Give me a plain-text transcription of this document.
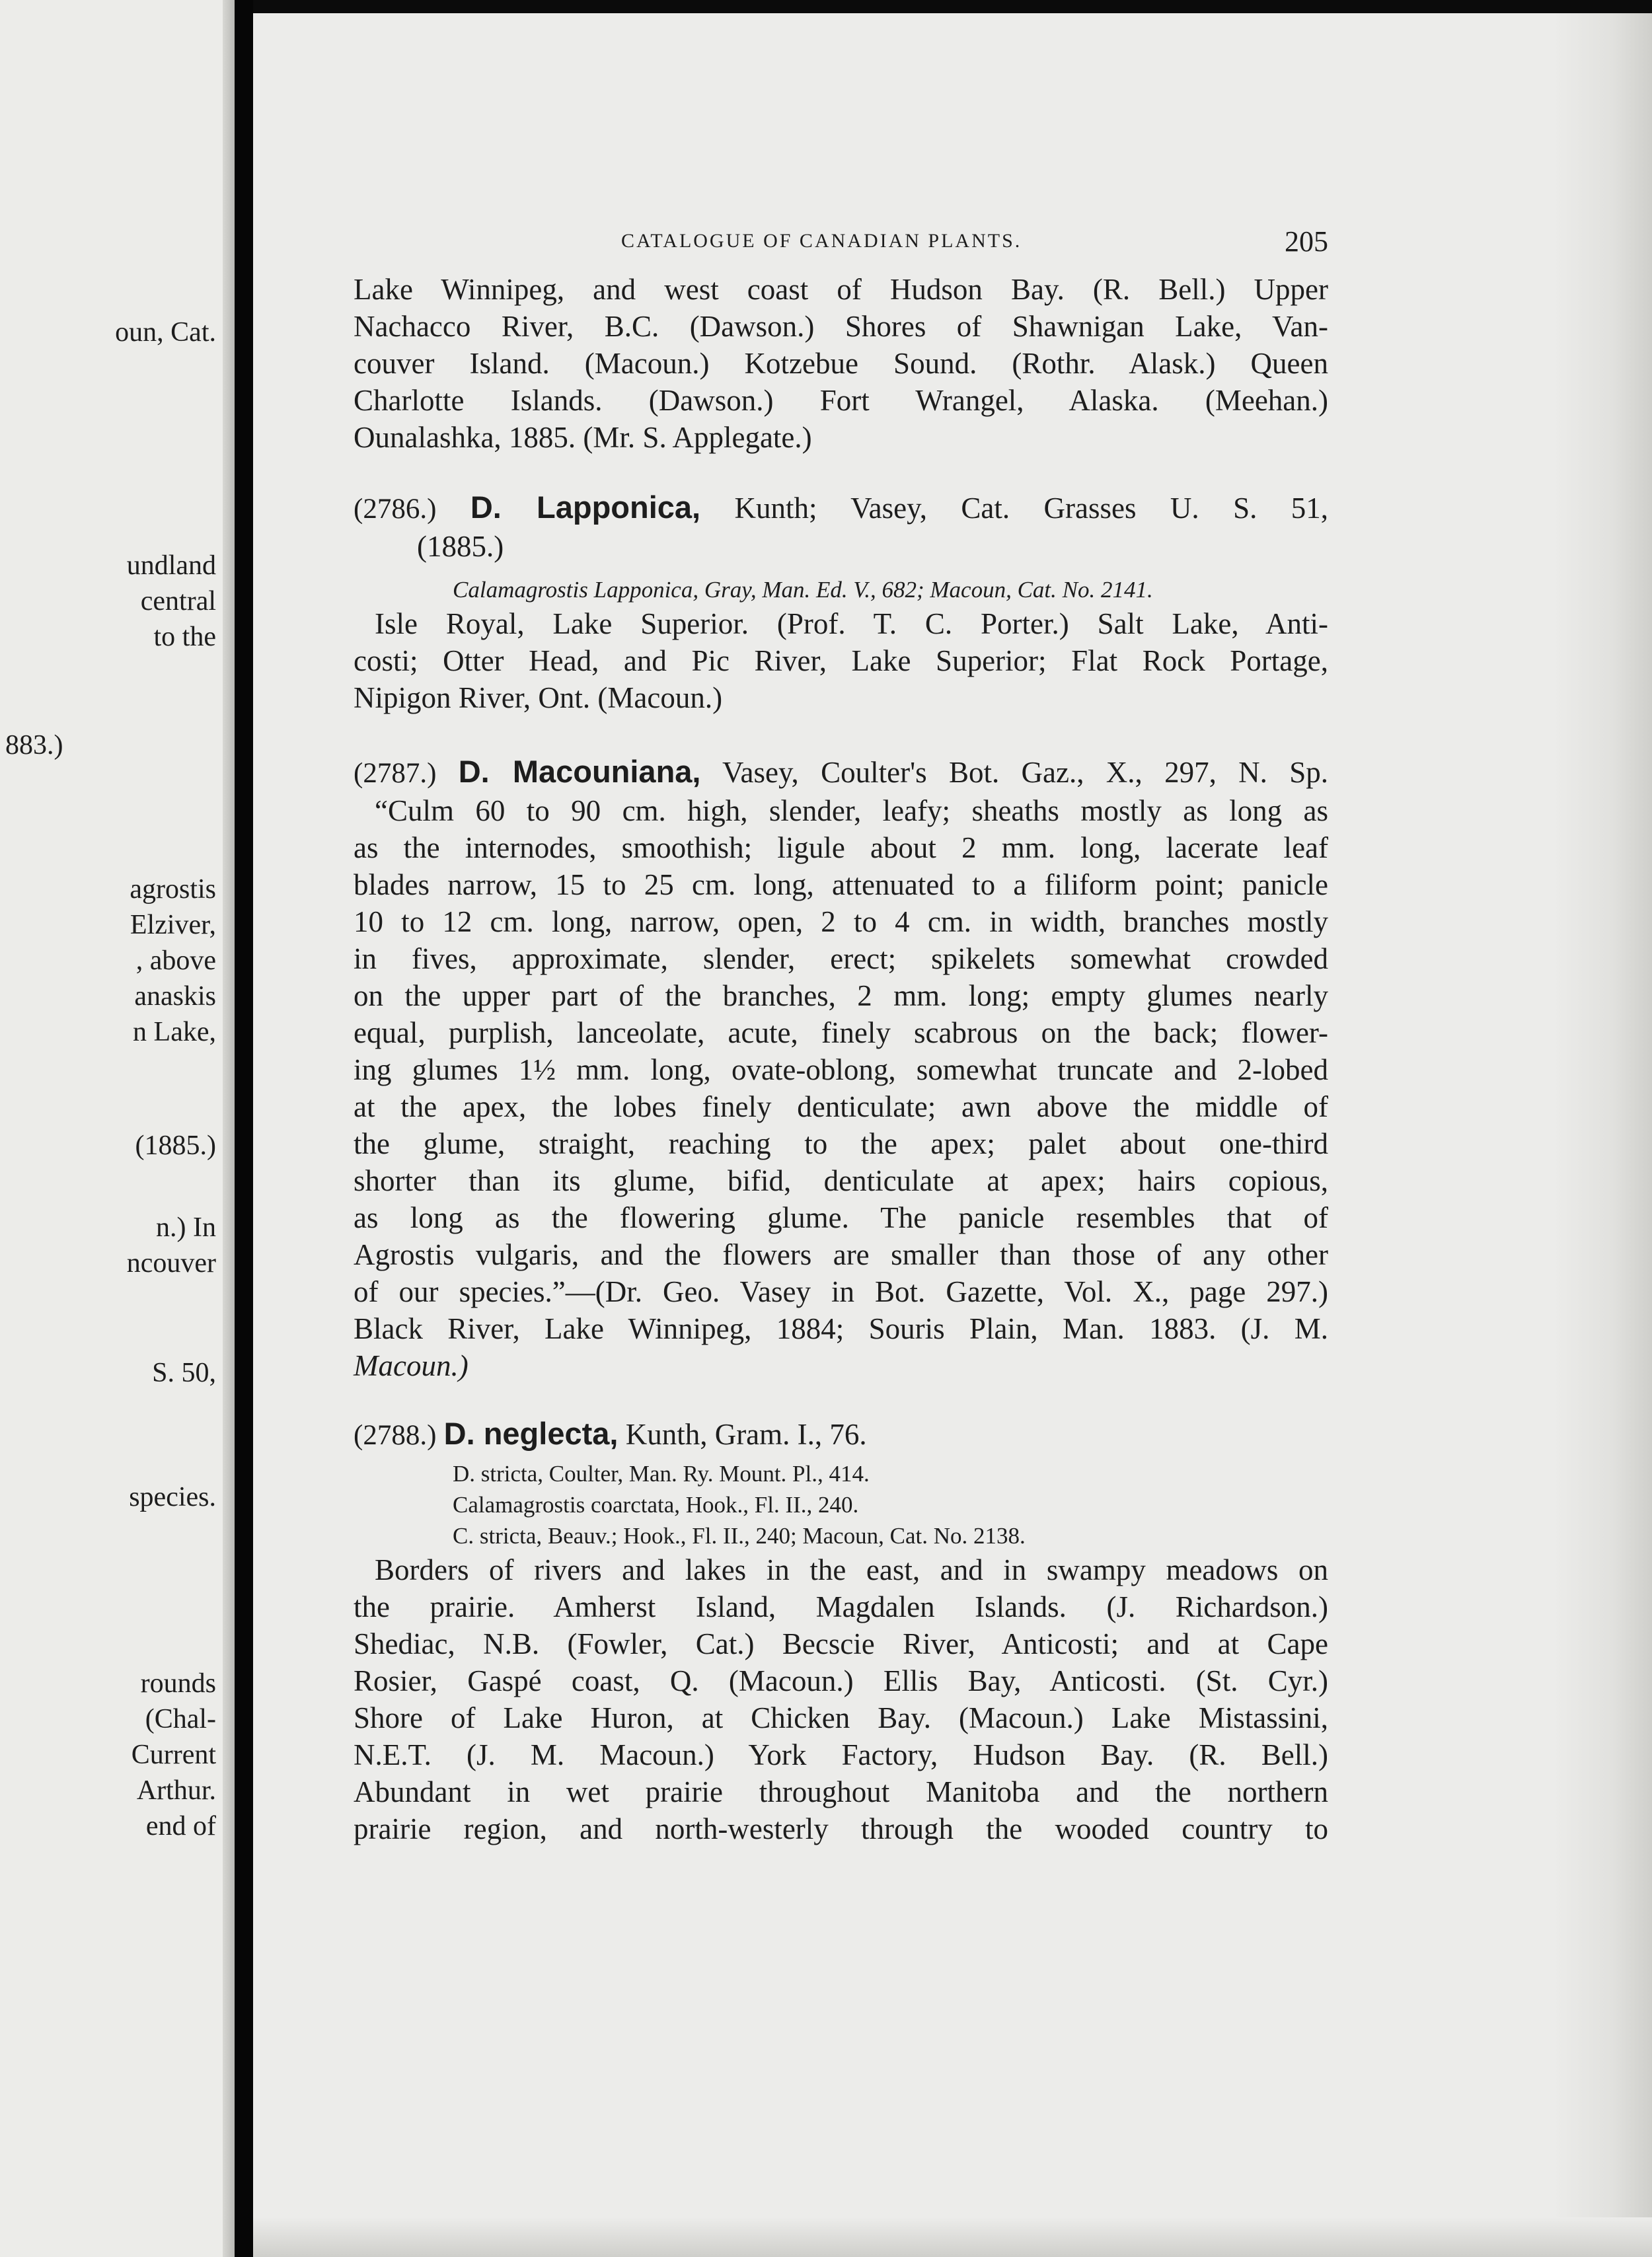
oun, Cat.

undland

central

to the

883.)

agrostis

Elziver,

, above

anaskis

n Lake,

(1885.)

n.) In

ncouver

S. 50,

species.

rounds

(Chal-

Current

Arthur.

end of

CATALOGUE OF CANADIAN PLANTS.	205
Lake Winnipeg, and west coast of Hudson Bay. (R. Bell.) Upper
Nachacco River, B.C. (Dawson.) Shores of Shawnigan Lake, Van-
couver Island. (Macoun.) Kotzebue Sound. (Rothr. Alask.) Queen
Charlotte Islands. (Dawson.) Fort Wrangel, Alaska. (Meehan.)
Ounalashka, 1885. (Mr. S. Applegate.)
(2786.) D. Lapponica, Kunth; Vasey, Cat. Grasses U. S. 51,
(1885.)
Calamagrostis Lapponica, Gray, Man. Ed. V., 682; Macoun, Cat. No. 2141.
Isle Royal, Lake Superior. (Prof. T. C. Porter.) Salt Lake, Anti-
costi; Otter Head, and Pic River, Lake Superior; Flat Rock Portage,
Nipigon River, Ont. (Macoun.)
(2787.) D. Macouniana, Vasey, Coulter's Bot. Gaz., X., 297, N. Sp.
“Culm 60 to 90 cm. high, slender, leafy; sheaths mostly as long as
as the internodes, smoothish; ligule about 2 mm. long, lacerate leaf
blades narrow, 15 to 25 cm. long, attenuated to a filiform point; panicle
10 to 12 cm. long, narrow, open, 2 to 4 cm. in width, branches mostly
in fives, approximate, slender, erect; spikelets somewhat crowded
on the upper part of the branches, 2 mm. long; empty glumes nearly
equal, purplish, lanceolate, acute, finely scabrous on the back; flower-
ing glumes 1½ mm. long, ovate-oblong, somewhat truncate and 2-lobed
at the apex, the lobes finely denticulate; awn above the middle of
the glume, straight, reaching to the apex; palet about one-third
shorter than its glume, bifid, denticulate at apex; hairs copious,
as long as the flowering glume. The panicle resembles that of
Agrostis vulgaris, and the flowers are smaller than those of any other
of our species.”—(Dr. Geo. Vasey in Bot. Gazette, Vol. X., page 297.)
Black River, Lake Winnipeg, 1884; Souris Plain, Man. 1883. (J. M.
Macoun.)
(2788.) D. neglecta, Kunth, Gram. I., 76.
D. stricta, Coulter, Man. Ry. Mount. Pl., 414.
Calamagrostis coarctata, Hook., Fl. II., 240.
C. stricta, Beauv.; Hook., Fl. II., 240; Macoun, Cat. No. 2138.
Borders of rivers and lakes in the east, and in swampy meadows on
the prairie. Amherst Island, Magdalen Islands. (J. Richardson.)
Shediac, N.B. (Fowler, Cat.) Becscie River, Anticosti; and at Cape
Rosier, Gaspé coast, Q. (Macoun.) Ellis Bay, Anticosti. (St. Cyr.)
Shore of Lake Huron, at Chicken Bay. (Macoun.) Lake Mistassini,
N.E.T. (J. M. Macoun.) York Factory, Hudson Bay. (R. Bell.)
Abundant in wet prairie throughout Manitoba and the northern
prairie region, and north-westerly through the wooded country to
